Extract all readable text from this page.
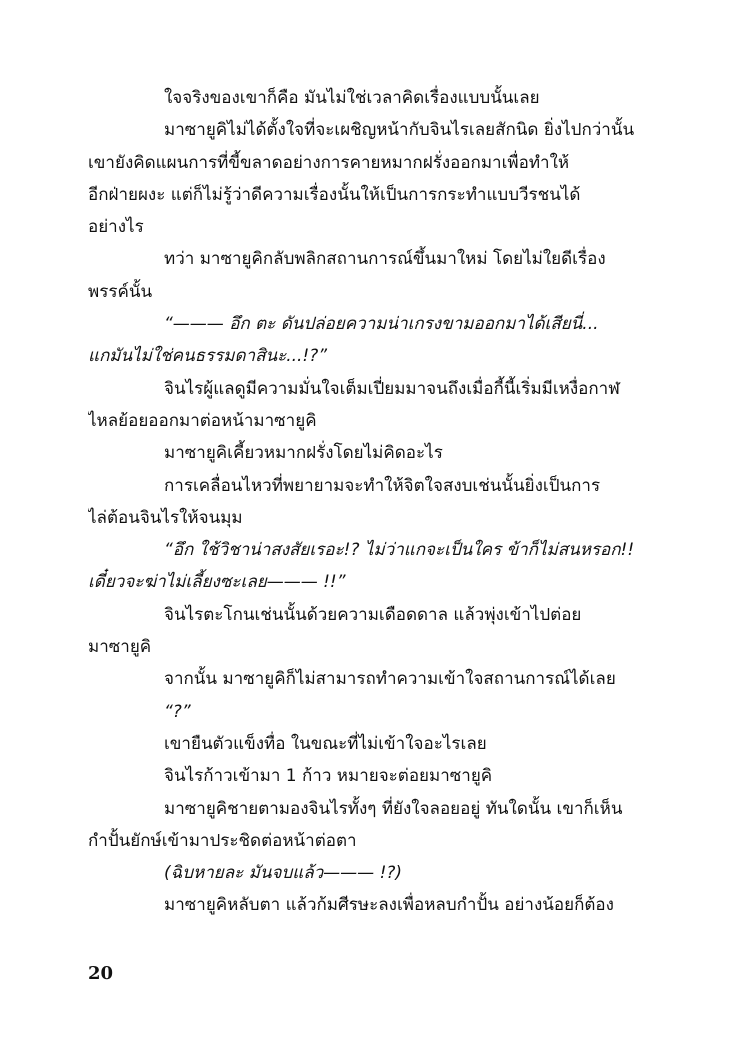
ใจจริงของเขาก็คือ มันไม่ใช่เวลาคิดเรื่องแบบนั้นเลย
มาซายูคิไม่ได้ตั้งใจที่จะเผชิญหน้ากับจินไรเลยสักนิด ยิ่งไปกว่านั้น
เขายังคิดแผนการที่ขี้ขลาดอย่างการคายหมากฝรั่งออกมาเพื่อทำให้
อีกฝ่ายผงะ แต่ก็ไม่รู้ว่าดีความเรื่องนั้นให้เป็นการกระทำแบบวีรชนได้
อย่างไร
ทว่า มาซายูคิกลับพลิกสถานการณ์ขึ้นมาใหม่ โดยไม่ใยดีเรื่อง
พรรค์นั้น
“——— อึก ตะ ดันปล่อยความน่าเกรงขามออกมาได้เสียนี่...
แกมันไม่ใช่คนธรรมดาสินะ...!?”
จินไรผู้แลดูมีความมั่นใจเต็มเปี่ยมมาจนถึงเมื่อกี้นี้เริ่มมีเหงื่อกาฬ
ไหลย้อยออกมาต่อหน้ามาซายูคิ
มาซายูคิเคี้ยวหมากฝรั่งโดยไม่คิดอะไร
การเคลื่อนไหวที่พยายามจะทำให้จิตใจสงบเช่นนั้นยิ่งเป็นการ
ไล่ต้อนจินไรให้จนมุม
“อึก ใช้วิชาน่าสงสัยเรอะ!? ไม่ว่าแกจะเป็นใคร ข้าก็ไม่สนหรอก!!
เดี๋ยวจะฆ่าไม่เลี้ยงซะเลย——— !!”
จินไรตะโกนเช่นนั้นด้วยความเดือดดาล แล้วพุ่งเข้าไปต่อย
มาซายูคิ
จากนั้น มาซายูคิก็ไม่สามารถทำความเข้าใจสถานการณ์ได้เลย
“?”
เขายืนตัวแข็งทื่อ ในขณะที่ไม่เข้าใจอะไรเลย
จินไรก้าวเข้ามา 1 ก้าว หมายจะต่อยมาซายูคิ
มาซายูคิชายตามองจินไรทั้งๆ ที่ยังใจลอยอยู่ ทันใดนั้น เขาก็เห็น
กำปั้นยักษ์เข้ามาประชิดต่อหน้าต่อตา
(ฉิบหายละ มันจบแล้ว——— !?)
มาซายูคิหลับตา แล้วก้มศีรษะลงเพื่อหลบกำปั้น อย่างน้อยก็ต้อง
20
